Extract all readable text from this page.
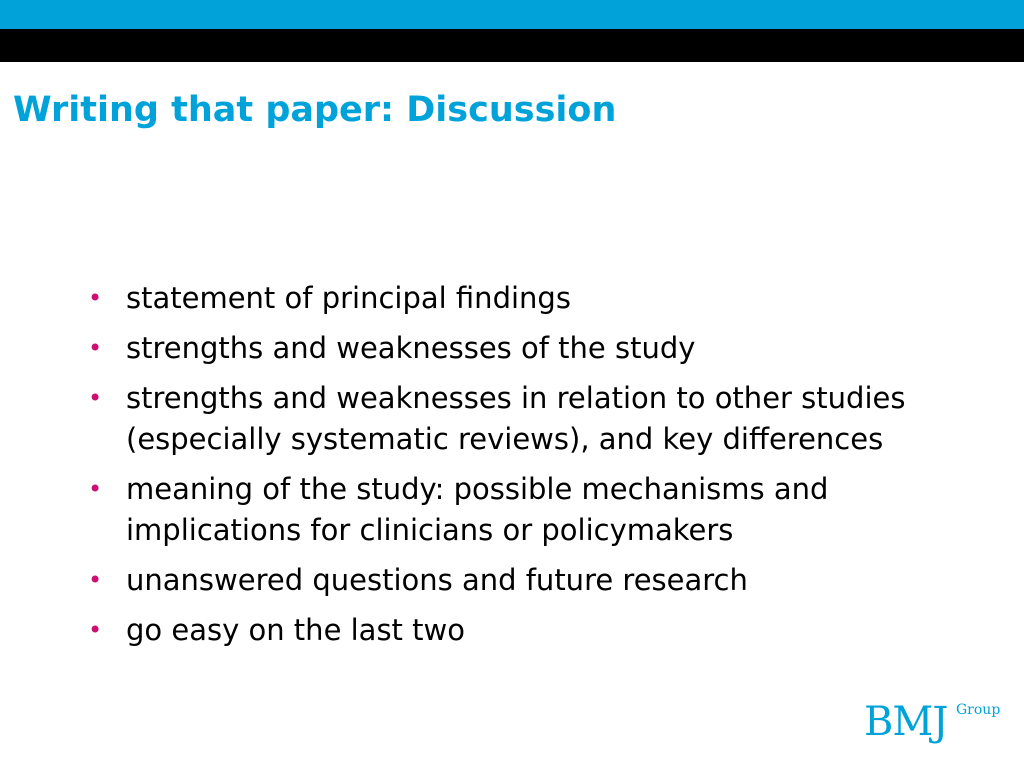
Writing that paper: Discussion
• statement of principal findings
• strengths and weaknesses of the study
• strengths and weaknesses in relation to other studies (especially systematic reviews), and key differences
• meaning of the study: possible mechanisms and implications for clinicians or policymakers
• unanswered questions and future research
• go easy on the last two
BMJ Group
